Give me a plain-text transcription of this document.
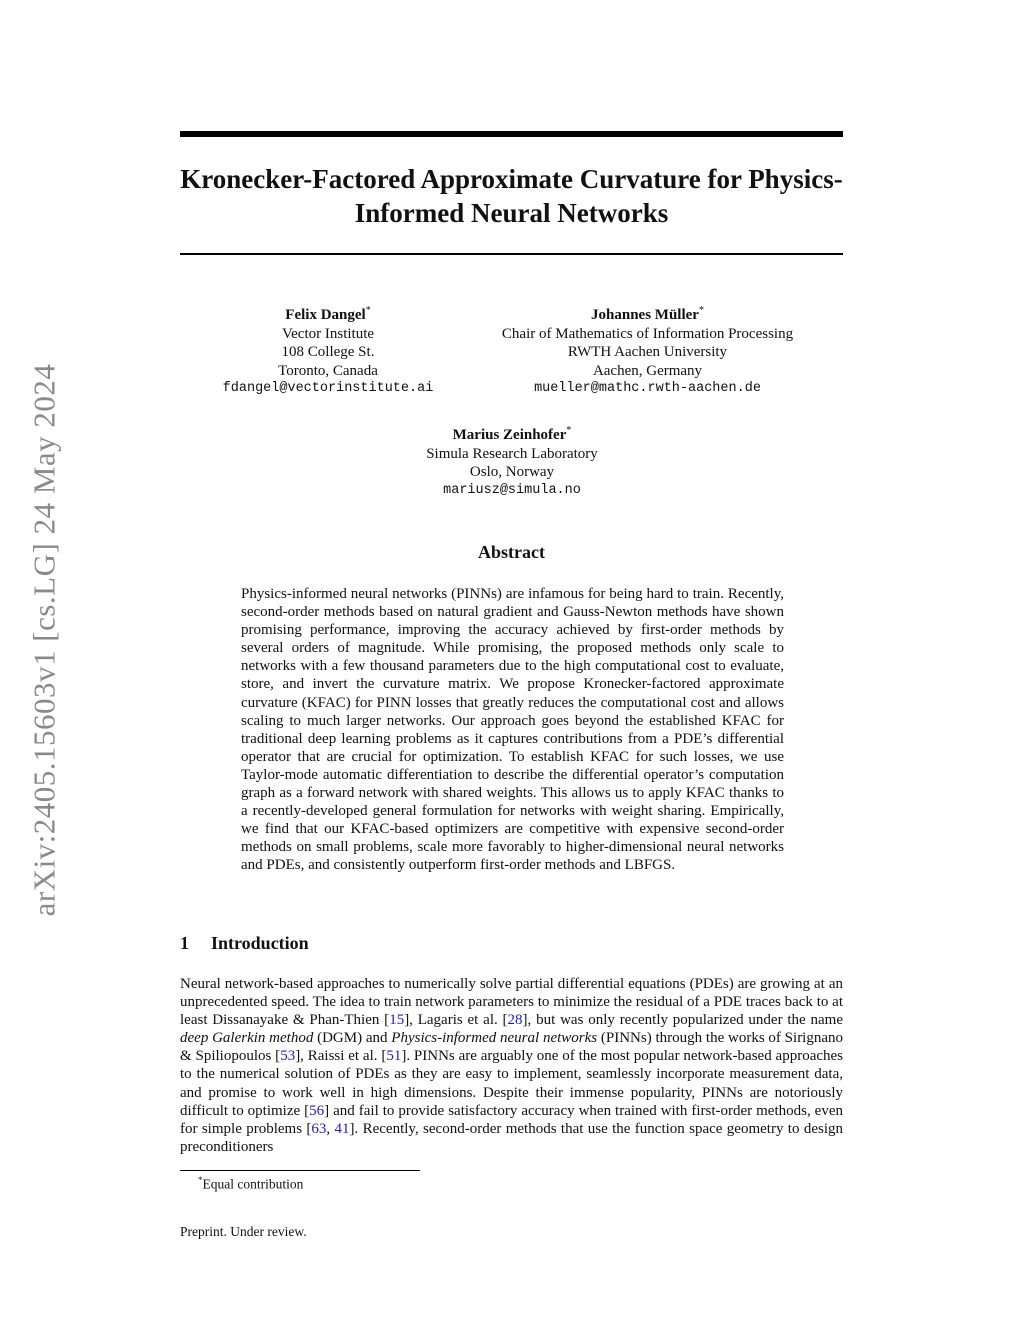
arXiv:2405.15603v1 [cs.LG] 24 May 2024
Kronecker-Factored Approximate Curvature for Physics-Informed Neural Networks
Felix Dangel*
Vector Institute
108 College St.
Toronto, Canada
fdangel@vectorinstitute.ai
Johannes Müller*
Chair of Mathematics of Information Processing
RWTH Aachen University
Aachen, Germany
mueller@mathc.rwth-aachen.de
Marius Zeinhofer*
Simula Research Laboratory
Oslo, Norway
mariusz@simula.no
Abstract
Physics-informed neural networks (PINNs) are infamous for being hard to train. Recently, second-order methods based on natural gradient and Gauss-Newton methods have shown promising performance, improving the accuracy achieved by first-order methods by several orders of magnitude. While promising, the proposed methods only scale to networks with a few thousand parameters due to the high computational cost to evaluate, store, and invert the curvature matrix. We propose Kronecker-factored approximate curvature (KFAC) for PINN losses that greatly reduces the computational cost and allows scaling to much larger networks. Our approach goes beyond the established KFAC for traditional deep learning problems as it captures contributions from a PDE’s differential operator that are crucial for optimization. To establish KFAC for such losses, we use Taylor-mode automatic differentiation to describe the differential operator’s computation graph as a forward network with shared weights. This allows us to apply KFAC thanks to a recently-developed general formulation for networks with weight sharing. Empirically, we find that our KFAC-based optimizers are competitive with expensive second-order methods on small problems, scale more favorably to higher-dimensional neural networks and PDEs, and consistently outperform first-order methods and LBFGS.
1 Introduction
Neural network-based approaches to numerically solve partial differential equations (PDEs) are growing at an unprecedented speed. The idea to train network parameters to minimize the residual of a PDE traces back to at least Dissanayake & Phan-Thien [15], Lagaris et al. [28], but was only recently popularized under the name deep Galerkin method (DGM) and Physics-informed neural networks (PINNs) through the works of Sirignano & Spiliopoulos [53], Raissi et al. [51]. PINNs are arguably one of the most popular network-based approaches to the numerical solution of PDEs as they are easy to implement, seamlessly incorporate measurement data, and promise to work well in high dimensions. Despite their immense popularity, PINNs are notoriously difficult to optimize [56] and fail to provide satisfactory accuracy when trained with first-order methods, even for simple problems [63, 41]. Recently, second-order methods that use the function space geometry to design preconditioners
*Equal contribution
Preprint. Under review.
